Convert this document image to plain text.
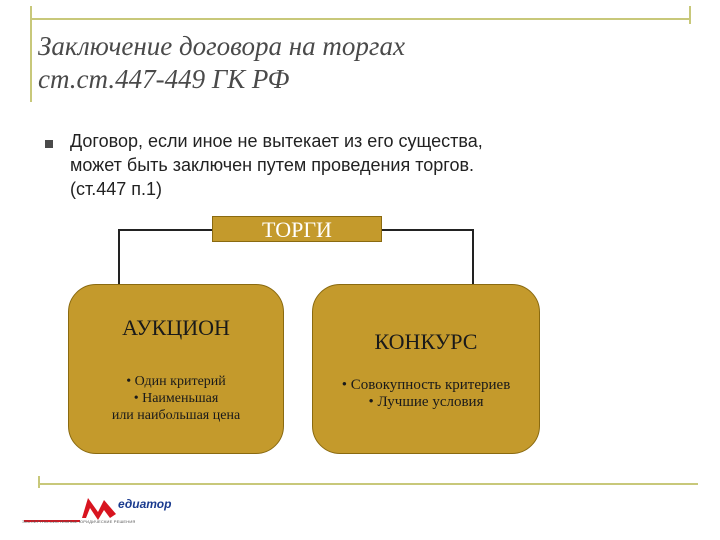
Заключение договора на торгах
ст.ст.447-449 ГК РФ
Договор, если иное не вытекает из его существа,
может быть заключен путем проведения торгов.
(ст.447 п.1)
ТОРГИ
АУКЦИОН
• Один критерий
• Наименьшая
или наибольшая цена
КОНКУРС
• Совокупность критериев
• Лучшие условия
едиатор
ЭКСПЕРТНО-СИСТЕМНЫЕ ЮРИДИЧЕСКИЕ РЕШЕНИЯ
